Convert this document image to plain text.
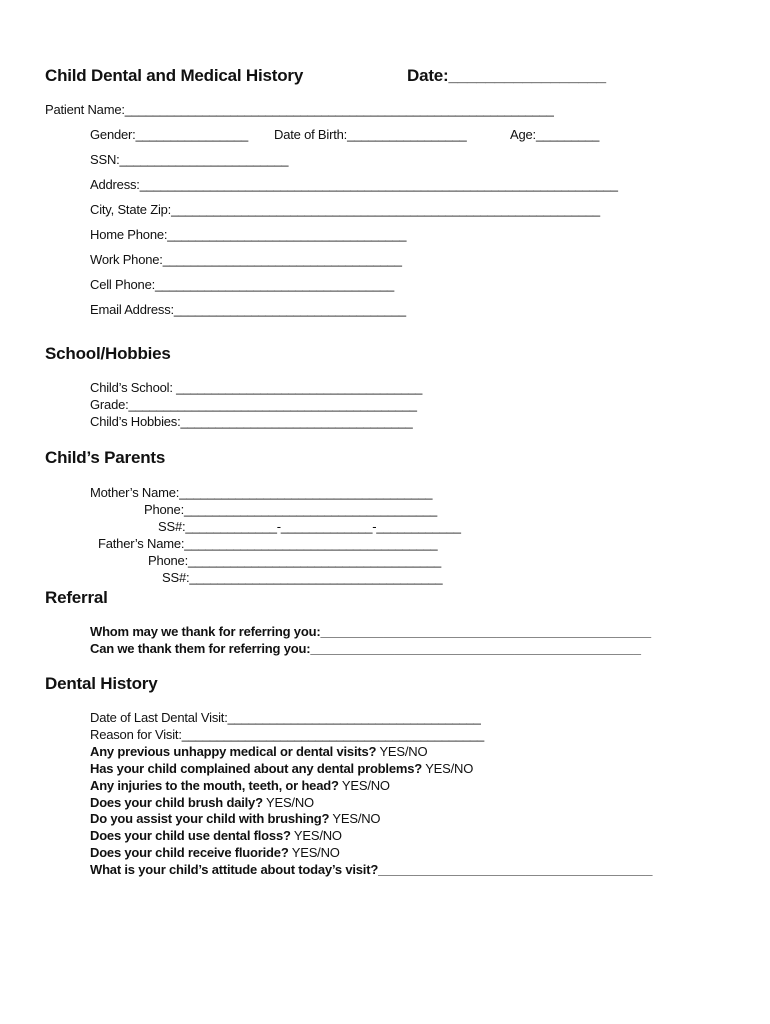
Child Dental and Medical History	Date:_________________
Patient Name:_____________________________________________________________
Gender:________________ Date of Birth:_________________	Age:_________
SSN:________________________
Address:____________________________________________________________________
City, State Zip:_____________________________________________________________
Home Phone:__________________________________
Work Phone:__________________________________
Cell Phone:__________________________________
Email Address:_________________________________
School/Hobbies
Child’s School: ___________________________________
Grade:_________________________________________
Child’s Hobbies:_________________________________
Child’s Parents
Mother’s Name:____________________________________
Phone:____________________________________
SS#:_____________-_____________-____________
Father’s Name:____________________________________
Phone:____________________________________
SS#:____________________________________
Referral
Whom may we thank for referring you:_______________________________________________
Can we thank them for referring you:_______________________________________________
Dental History
Date of Last Dental Visit:____________________________________
Reason for Visit:___________________________________________
Any previous unhappy medical or dental visits? YES/NO
Has your child complained about any dental problems? YES/NO
Any injuries to the mouth, teeth, or head? YES/NO
Does your child brush daily? YES/NO
Do you assist your child with brushing? YES/NO
Does your child use dental floss? YES/NO
Does your child receive fluoride? YES/NO
What is your child’s attitude about today’s visit?_______________________________________
